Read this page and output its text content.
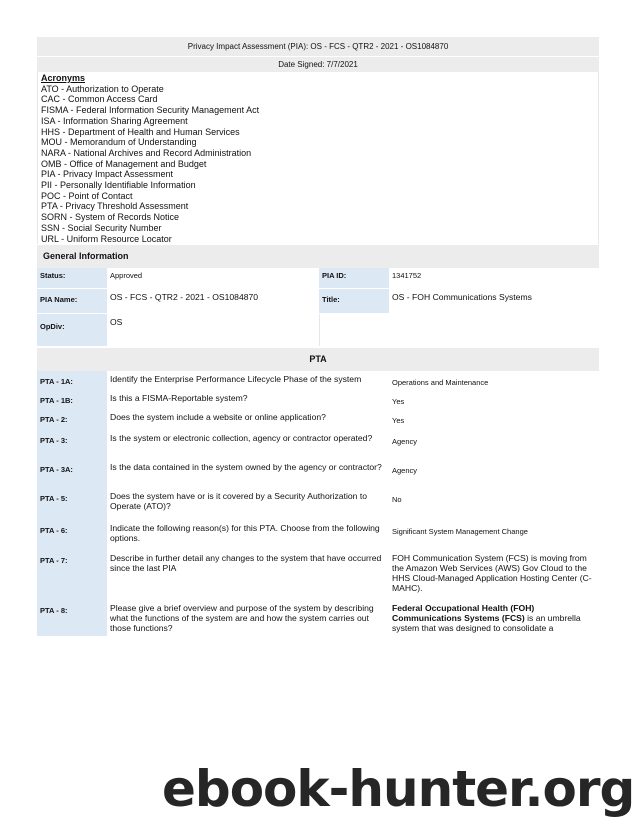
Privacy Impact Assessment (PIA): OS - FCS - QTR2 - 2021 - OS1084870
Date Signed: 7/7/2021
Acronyms
ATO - Authorization to Operate
CAC - Common Access Card
FISMA - Federal Information Security Management Act
ISA - Information Sharing Agreement
HHS - Department of Health and Human Services
MOU - Memorandum of Understanding
NARA - National Archives and Record Administration
OMB - Office of Management and Budget
PIA - Privacy Impact Assessment
PII - Personally Identifiable Information
POC - Point of Contact
PTA - Privacy Threshold Assessment
SORN - System of Records Notice
SSN - Social Security Number
URL - Uniform Resource Locator
General Information
Status:	Approved	PIA ID:	1341752
PIA Name:	OS - FCS - QTR2 - 2021 - OS1084870	Title:	OS - FOH Communications Systems
OpDiv:	OS		
PTA
PTA - 1A:	Identify the Enterprise Performance Lifecycle Phase of the system	Operations and Maintenance
PTA - 1B:	Is this a FISMA-Reportable system?	Yes
PTA - 2:	Does the system include a website or online application?	Yes
PTA - 3:	Is the system or electronic collection, agency or contractor operated?	Agency
PTA - 3A:	Is the data contained in the system owned by the agency or contractor?	Agency
PTA - 5:	Does the system have or is it covered by a Security Authorization to Operate (ATO)?	No
PTA - 6:	Indicate the following reason(s) for this PTA. Choose from the following options.	Significant System Management Change
PTA - 7:	Describe in further detail any changes to the system that have occurred since the last PIA	FOH Communication System (FCS) is moving from the Amazon Web Services (AWS) Gov Cloud to the HHS Cloud-Managed Application Hosting Center (C-MAHC).
PTA - 8:	Please give a brief overview and purpose of the system by describing what the functions of the system are and how the system carries out those functions?	Federal Occupational Health (FOH) Communications Systems (FCS) is an umbrella system that was designed to consolidate a
ebook-hunter.org
